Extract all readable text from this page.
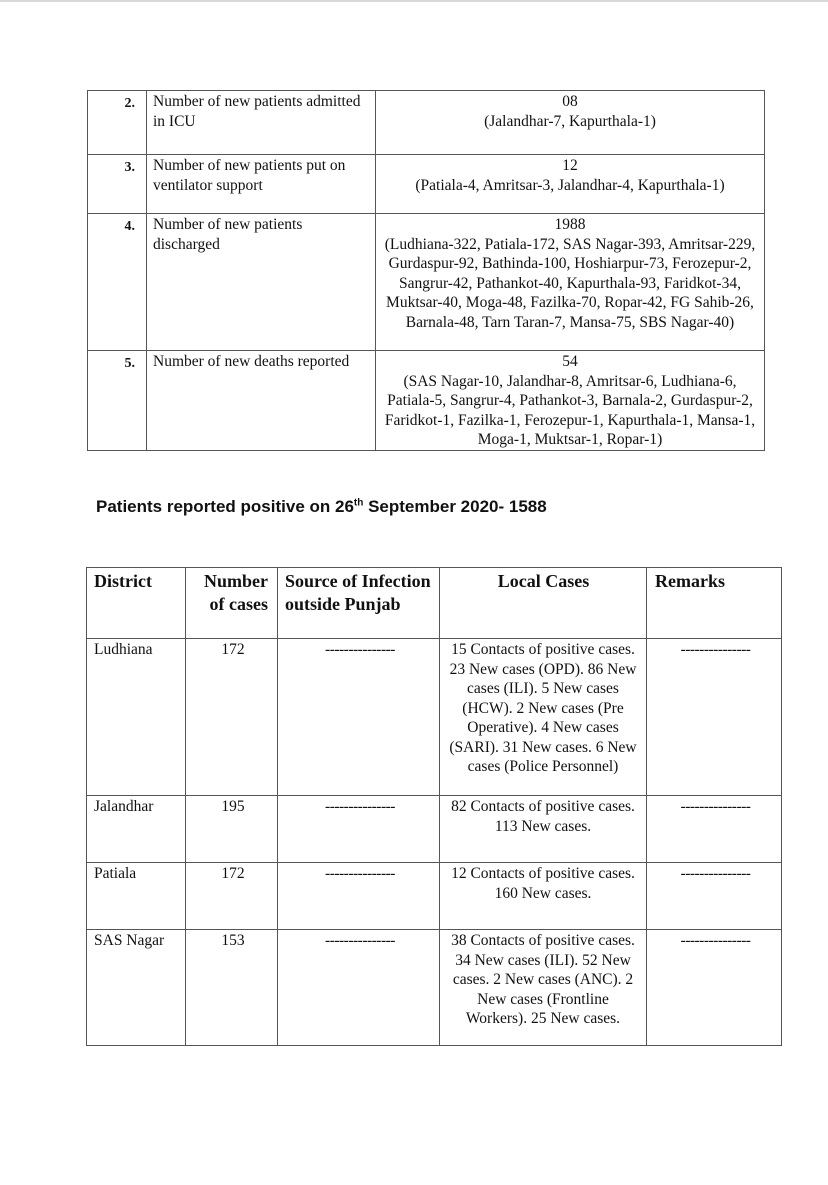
2.	Number of new patients admitted in ICU	08
(Jalandhar-7, Kapurthala-1)

3.	Number of new patients put on ventilator support	12
(Patiala-4, Amritsar-3, Jalandhar-4, Kapurthala-1)

4.	Number of new patients discharged	1988
(Ludhiana-322, Patiala-172, SAS Nagar-393, Amritsar-229, Gurdaspur-92, Bathinda-100, Hoshiarpur-73, Ferozepur-2, Sangrur-42, Pathankot-40, Kapurthala-93, Faridkot-34, Muktsar-40, Moga-48, Fazilka-70, Ropar-42, FG Sahib-26, Barnala-48, Tarn Taran-7, Mansa-75, SBS Nagar-40)

5.	Number of new deaths reported	54
(SAS Nagar-10, Jalandhar-8, Amritsar-6, Ludhiana-6, Patiala-5, Sangrur-4, Pathankot-3, Barnala-2, Gurdaspur-2, Faridkot-1, Fazilka-1, Ferozepur-1, Kapurthala-1, Mansa-1, Moga-1, Muktsar-1, Ropar-1)
Patients reported positive on 26th September 2020- 1588
District	Number of cases	Source of Infection outside Punjab	Local Cases	Remarks
Ludhiana	172	---------------	15 Contacts of positive cases. 23 New cases (OPD). 86 New cases (ILI). 5 New cases (HCW). 2 New cases (Pre Operative). 4 New cases (SARI). 31 New cases. 6 New cases (Police Personnel)	---------------
Jalandhar	195	---------------	82 Contacts of positive cases. 113 New cases.	---------------
Patiala	172	---------------	12 Contacts of positive cases. 160 New cases.	---------------
SAS Nagar	153	---------------	38 Contacts of positive cases. 34 New cases (ILI). 52 New cases. 2 New cases (ANC). 2 New cases (Frontline Workers). 25 New cases.	---------------
